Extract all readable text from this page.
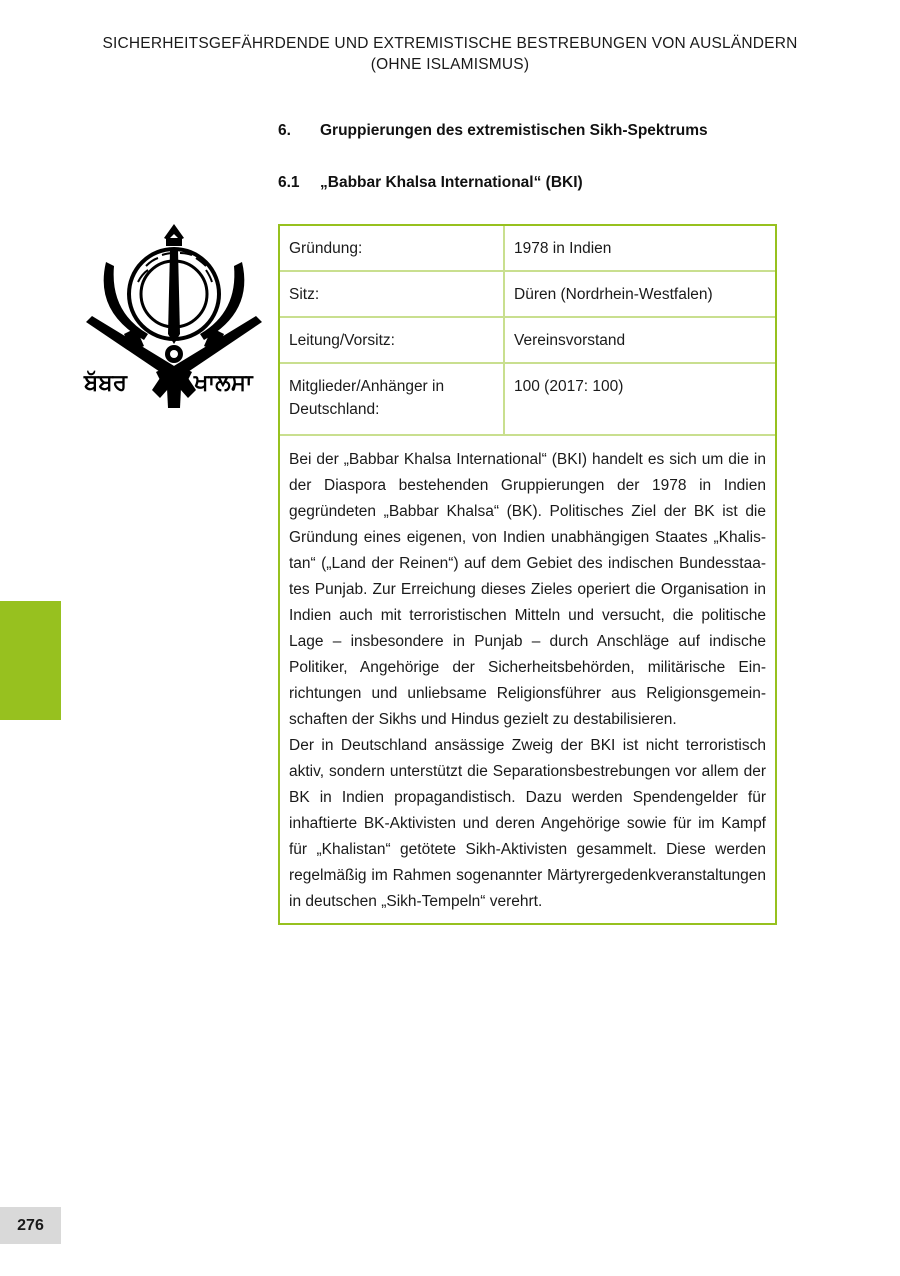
SICHERHEITSGEFÄHRDENDE UND EXTREMISTISCHE BESTREBUNGEN VON AUSLÄNDERN
(OHNE ISLAMISMUS)
6.	Gruppierungen des extremistischen Sikh-Spektrums
6.1	„Babbar Khalsa International“ (BKI)
ਬੱਬਰ	ਖਾਲਸਾ
Gründung:	1978 in Indien
Sitz:	Düren (Nordrhein-Westfalen)
Leitung/Vorsitz:	Vereinsvorstand
Mitglieder/Anhänger in Deutschland:
100 (2017: 100)

Bei der „Babbar Khalsa International“ (BKI) handelt es sich um die in der Diaspora bestehenden Gruppierungen der 1978 in Indien gegründeten „Babbar Khalsa“ (BK). Politisches Ziel der BK ist die Gründung eines eigenen, von Indien unabhängigen Staates „Khalistan“ („Land der Reinen“) auf dem Gebiet des indischen Bundesstaates Punjab. Zur Erreichung dieses Zieles operiert die Organisation in Indien auch mit terroristischen Mitteln und versucht, die politische Lage – insbesondere in Punjab – durch Anschläge auf indische Politiker, Angehörige der Sicherheitsbehörden, militärische Einrichtungen und unliebsame Religionsführer aus Religionsgemeinschaften der Sikhs und Hindus gezielt zu destabilisieren.

Der in Deutschland ansässige Zweig der BKI ist nicht terroristisch aktiv, sondern unterstützt die Separationsbestrebungen vor allem der BK in Indien propagandistisch. Dazu werden Spendengelder für inhaftierte BK-Aktivisten und deren Angehörige sowie für im Kampf für „Khalistan“ getötete Sikh-Aktivisten gesammelt. Diese werden regelmäßig im Rahmen sogenannter Märtyrergedenkveranstaltungen in deutschen „Sikh-Tempeln“ verehrt.

276
